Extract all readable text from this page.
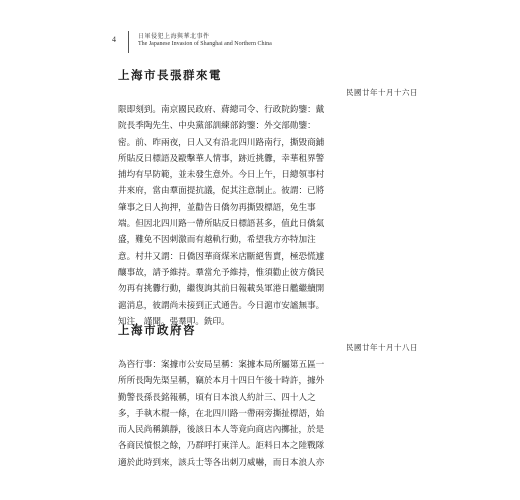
4	日軍侵犯上海與華北事件
The Japanese Invasion of Shanghai and Northern China
上海市長張群來電
民國廿年十月十六日
限即刻到。南京國民政府、蔣總司令、行政院鈞鑒：戴
院長季陶先生、中央黨部訓練部鈞鑒：外交部勛鑒：
密。前、昨兩夜，日人又有沿北四川路南行，撕毀商鋪
所貼反日標語及毆擊華人情事，跡近挑釁，幸華租界警
捕均有早防範，並未發生意外。今日上午，日總領事村
井來府，當由羣面提抗議，促其注意制止。彼謂：已將
肇事之日人拘押，並勸告日僑勿再撕毀標語，免生事
端。但因北四川路一帶所貼反日標語甚多，值此日僑氣
盛，難免不因刺激而有越軌行動，希望我方亦特加注
意。村井又謂：日僑因華商煤米店斷絕售賣，極恐慌遽
釀事故，請予維持。羣當允予維持，惟須勸止彼方僑民
勿再有挑釁行動，繼復詢其前日報載吳軍港日艦繼續開
滬消息，彼謂尚未接到正式通告。今日滬市安謐無事。
知注，謹聞。張羣叩。銑印。
上海市政府咨
民國廿年十月十八日
為咨行事：案據市公安局呈稱：案據本局所屬第五區一
所所長陶先渠呈稱，竊於本月十四日午後十時許，據外
勤警長孫長銘報稱，頃有日本浪人約計三、四十人之
多，手執木棍一條，在北四川路一帶兩旁撕扯標語，始
而人民尚稱鎮靜，後該日本人等竟向商店內擲扯，於是
各商民憤恨之餘，乃群呼打東洋人。詎料日本之陸戰隊
適於此時到來，該兵士等各出刺刀威嚇，而日本浪人亦
